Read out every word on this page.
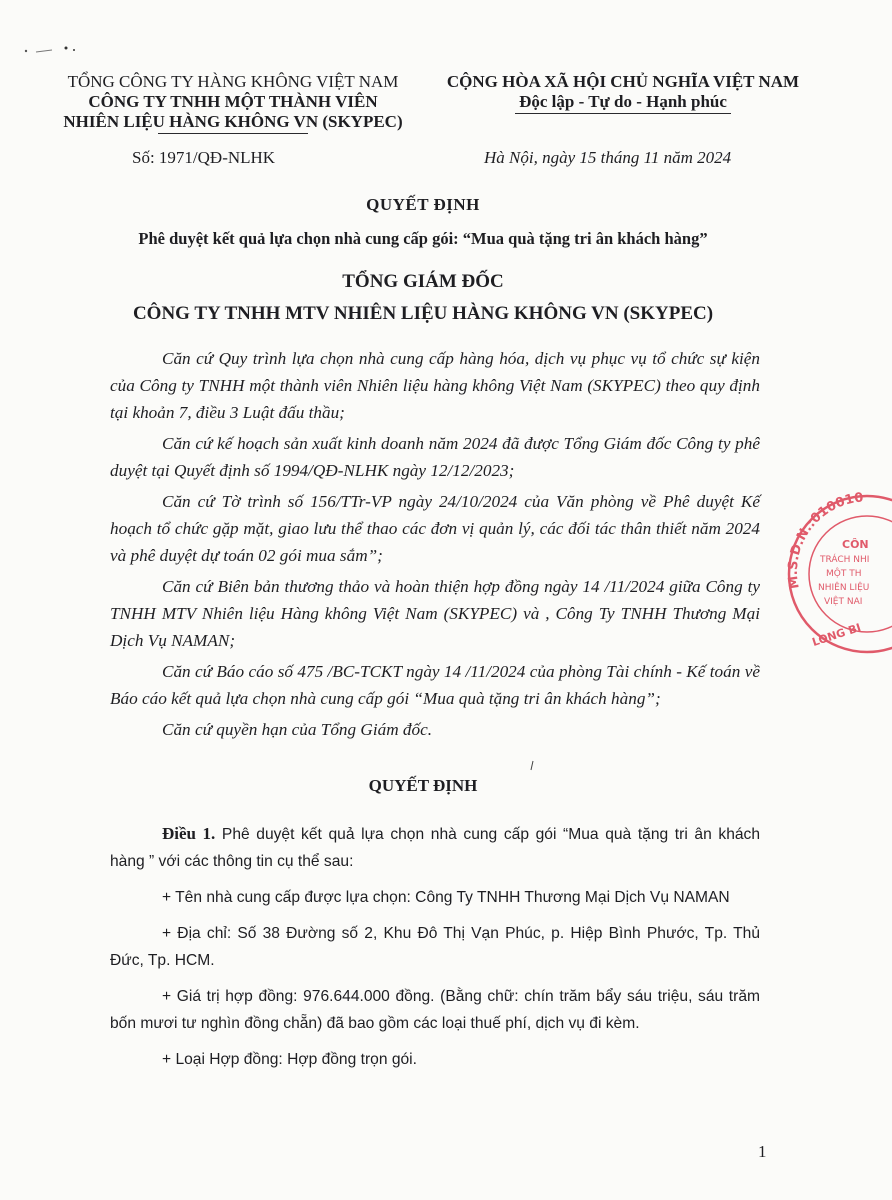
TỔNG CÔNG TY HÀNG KHÔNG VIỆT NAM
CÔNG TY TNHH MỘT THÀNH VIÊN
NHIÊN LIỆU HÀNG KHÔNG VN (SKYPEC)
CỘNG HÒA XÃ HỘI CHỦ NGHĨA VIỆT NAM
Độc lập - Tự do - Hạnh phúc
Số: 1971/QĐ-NLHK	Hà Nội, ngày 15 tháng 11 năm 2024
QUYẾT ĐỊNH
Phê duyệt kết quả lựa chọn nhà cung cấp gói: “Mua quà tặng tri ân khách hàng”
TỔNG GIÁM ĐỐC
CÔNG TY TNHH MTV NHIÊN LIỆU HÀNG KHÔNG VN (SKYPEC)

Căn cứ Quy trình lựa chọn nhà cung cấp hàng hóa, dịch vụ phục vụ tổ chức sự kiện của Công ty TNHH một thành viên Nhiên liệu hàng không Việt Nam (SKYPEC) theo quy định tại khoản 7, điều 3 Luật đấu thầu;

Căn cứ kế hoạch sản xuất kinh doanh năm 2024 đã được Tổng Giám đốc Công ty phê duyệt tại Quyết định số 1994/QĐ-NLHK ngày 12/12/2023;

Căn cứ Tờ trình số 156/TTr-VP ngày 24/10/2024 của Văn phòng về Phê duyệt Kế hoạch tổ chức gặp mặt, giao lưu thể thao các đơn vị quản lý, các đối tác thân thiết năm 2024 và phê duyệt dự toán 02 gói mua sắm”;

Căn cứ Biên bản thương thảo và hoàn thiện hợp đồng ngày 14 /11/2024 giữa Công ty TNHH MTV Nhiên liệu Hàng không Việt Nam (SKYPEC) và , Công Ty TNHH Thương Mại Dịch Vụ NAMAN;

Căn cứ Báo cáo số 475 /BC-TCKT ngày 14 /11/2024 của phòng Tài chính - Kế toán về Báo cáo kết quả lựa chọn nhà cung cấp gói “Mua quà tặng tri ân khách hàng”;

Căn cứ quyền hạn của Tổng Giám đốc.

QUYẾT ĐỊNH

Điều 1. Phê duyệt kết quả lựa chọn nhà cung cấp gói “Mua quà tặng tri ân khách hàng ” với các thông tin cụ thể sau:

+ Tên nhà cung cấp được lựa chọn: Công Ty TNHH Thương Mại Dịch Vụ NAMAN

+ Địa chỉ: Số 38 Đường số 2, Khu Đô Thị Vạn Phúc, p. Hiệp Bình Phước, Tp. Thủ Đức, Tp. HCM.

+ Giá trị hợp đồng: 976.644.000 đồng. (Bằng chữ: chín trăm bẩy sáu triệu, sáu trăm bốn mươi tư nghìn đồng chẵn) đã bao gồm các loại thuế phí, dịch vụ đi kèm.

+ Loại Hợp đồng: Hợp đồng trọn gói.

1
M.S.D.N.:010010
CÔN
TRÁCH NHI
MỘT TH
NHIÊN LIỆU
VIỆT NAI
LONG BI
